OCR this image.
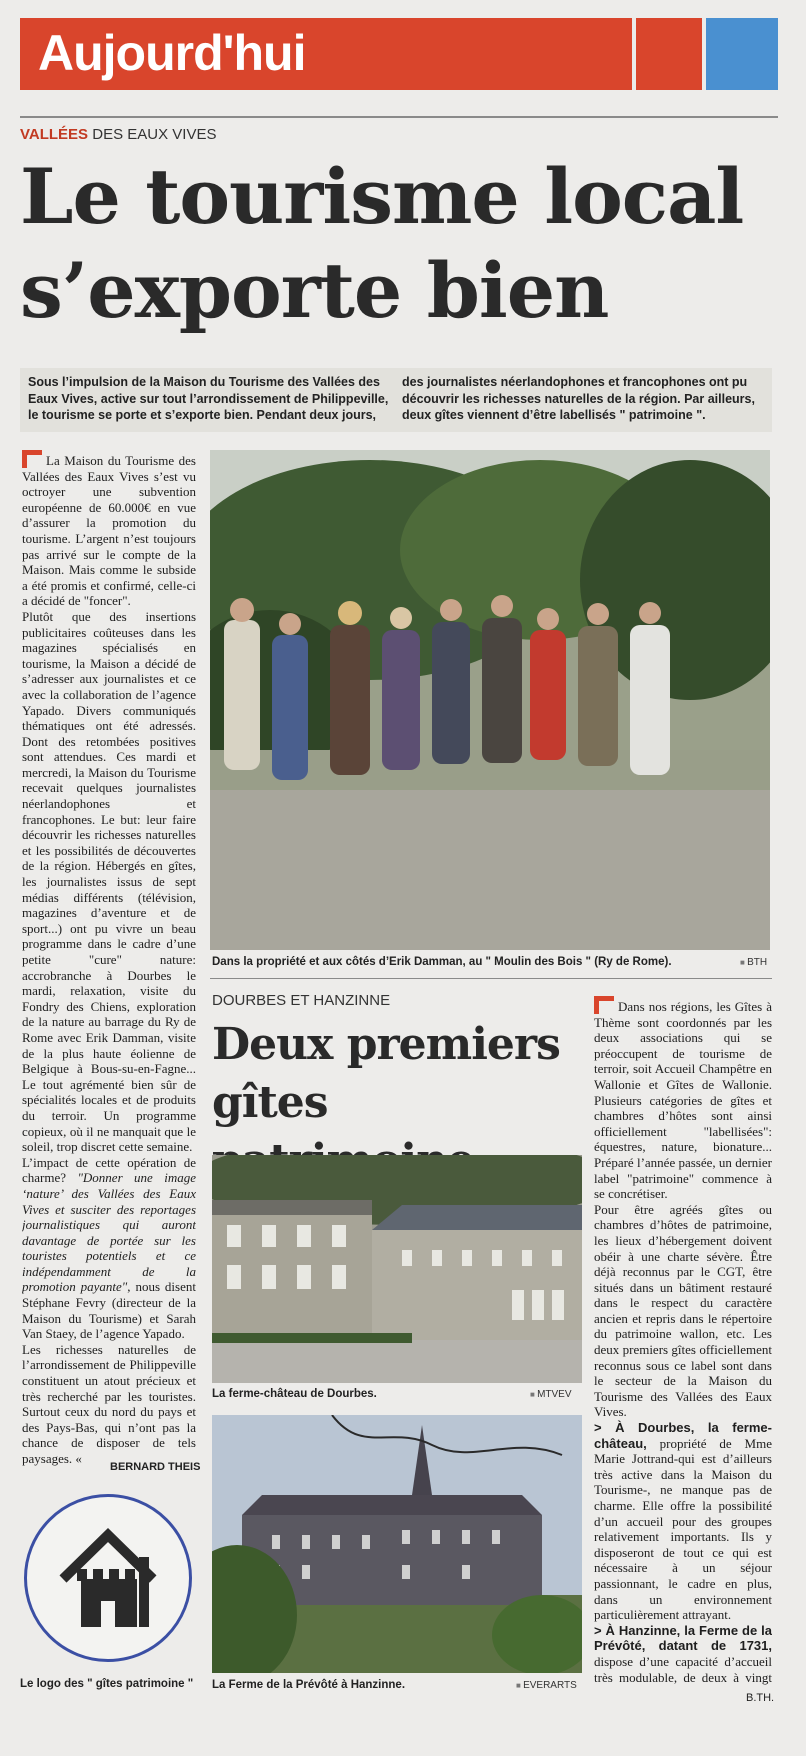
Aujourd'hui
VALLÉES DES EAUX VIVES
Le tourisme local
s’exporte bien
Sous l’impulsion de la Maison du Tourisme des Vallées des
Eaux Vives, active sur tout l’arrondissement de Philippeville,
le tourisme se porte et s’exporte bien. Pendant deux jours,
des journalistes néerlandophones et francophones ont pu
découvrir les richesses naturelles de la région. Par ailleurs,
deux gîtes viennent d’être labellisés " patrimoine ".

La Maison du Tourisme des Vallées des Eaux Vives s’est vu octroyer une subvention européenne de 60.000€ en vue d’assurer la promotion du tourisme. L’argent n’est toujours pas arrivé sur le compte de la Maison. Mais comme le subside a été promis et confirmé, celle-ci a décidé de "foncer".

Plutôt que des insertions publicitaires coûteuses dans les magazines spécialisés en tourisme, la Maison a décidé de s’adresser aux journalistes et ce avec la collaboration de l’agence Yapado. Divers communiqués thématiques ont été adressés. Dont des retombées positives sont attendues. Ces mardi et mercredi, la Maison du Tourisme recevait quelques journalistes néerlandophones et francophones. Le but: leur faire découvrir les richesses naturelles et les possibilités de découvertes de la région. Hébergés en gîtes, les journalistes issus de sept médias différents (télévision, magazines d’aventure et de sport...) ont pu vivre un beau programme dans le cadre d’une petite "cure" nature: accrobranche à Dourbes le mardi, relaxation, visite du Fondry des Chiens, exploration de la nature au barrage du Ry de Rome avec Erik Damman, visite de la plus haute éolienne de Belgique à Bous-su-en-Fagne... Le tout agrémenté bien sûr de spécialités locales et de produits du terroir. Un programme copieux, où il ne manquait que le soleil, trop discret cette semaine.

L’impact de cette opération de charme? "Donner une image ‘nature’ des Vallées des Eaux Vives et susciter des reportages journalistiques qui auront davantage de portée sur les touristes potentiels et ce indépendamment de la promotion payante", nous disent Stéphane Fevry (directeur de la Maison du Tourisme) et Sarah Van Staey, de l’agence Yapado.

Les richesses naturelles de l’arrondissement de Philippeville constituent un atout précieux et très recherché par les touristes. Surtout ceux du nord du pays et des Pays-Bas, qui n’ont pas la chance de disposer de tels paysages. «

BERNARD THEIS
Dans la propriété et aux côtés d’Erik Damman, au " Moulin des Bois " (Ry de Rome).	■ BTH
DOURBES ET HANZINNE
Deux premiers
gîtes
La ferme-château de Dourbes.	■ MTVEV
La Ferme de la Prévôté à Hanzinne.	■ EVERARTS
Le logo des " gîtes patrimoine "

Dans nos régions, les Gîtes à Thème sont coordonnés par les deux associations qui se préoccupent de tourisme de terroir, soit Accueil Champêtre en Wallonie et Gîtes de Wallonie. Plusieurs catégories de gîtes et chambres d’hôtes sont ainsi officiellement "labellisées": équestres, nature, bionature... Préparé l’année passée, un dernier label "patrimoine" commence à se concrétiser.

Pour être agréés gîtes ou chambres d’hôtes de patrimoine, les lieux d’hébergement doivent obéir à une charte sévère. Être déjà reconnus par le CGT, être situés dans un bâtiment restauré dans le respect du caractère ancien et repris dans le répertoire du patrimoine wallon, etc. Les deux premiers gîtes officiellement reconnus sous ce label sont dans le secteur de la Maison du Tourisme des Vallées des Eaux Vives.

> À Dourbes, la ferme-château, propriété de Mme Marie Jottrand-qui est d’ailleurs très active dans la Maison du Tourisme-, ne manque pas de charme. Elle offre la possibilité d’un accueil pour des groupes relativement importants. Ils y disposeront de tout ce qui est nécessaire à un séjour passionnant, le cadre en plus, dans un environnement particulièrement attrayant.

> À Hanzinne, la Ferme de la Prévôté, datant de 1731, dispose d’une capacité d’accueil très modulable, de deux à vingt

B.TH.
